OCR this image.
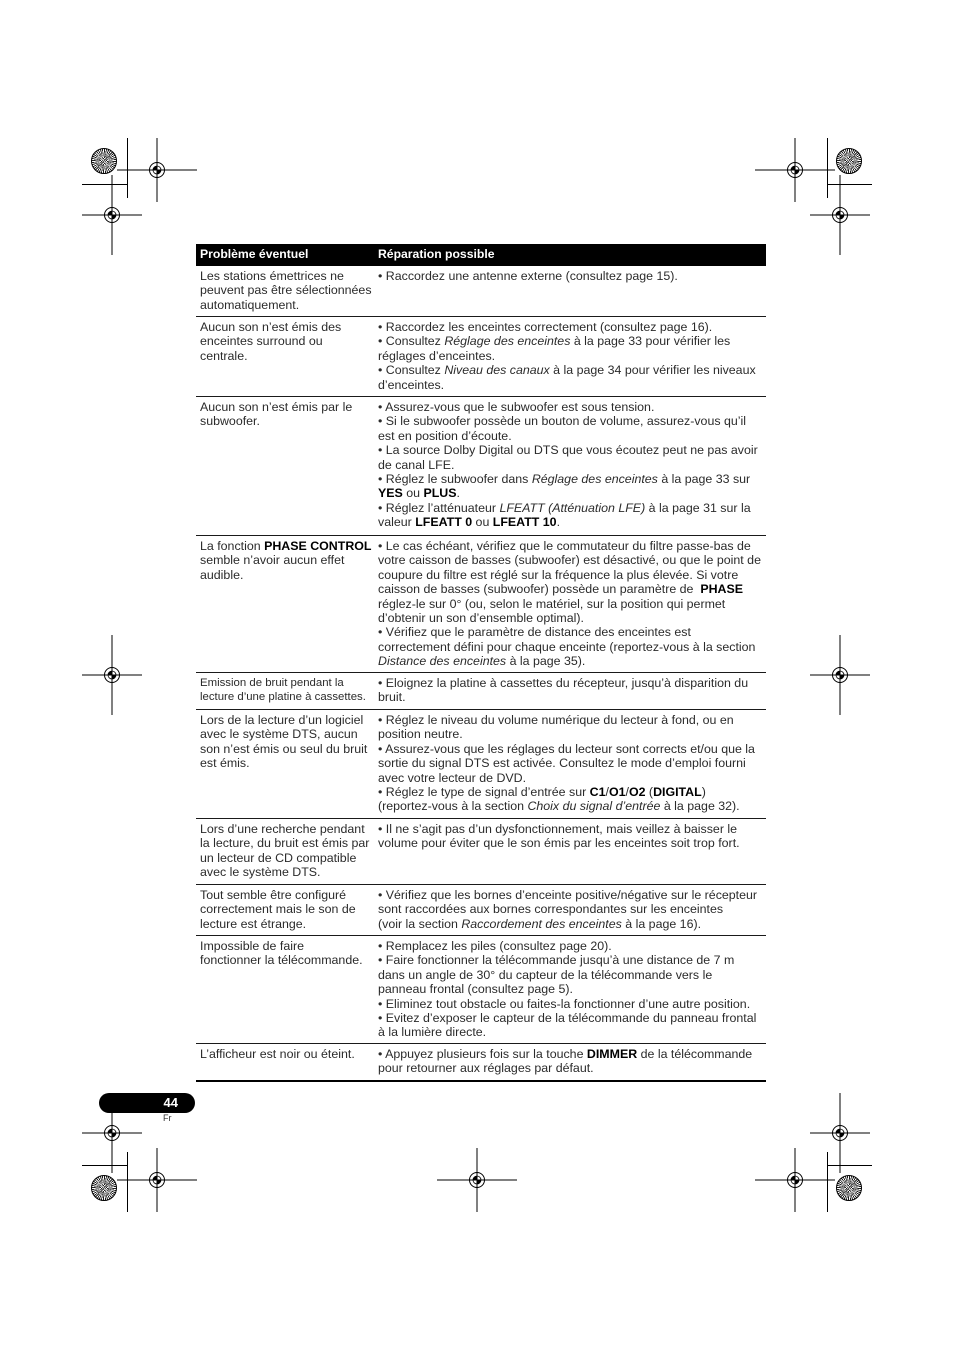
Problème éventuel	Réparation possible
Les stations émettrices ne
peuvent pas être sélectionnées
automatiquement.
• Raccordez une antenne externe (consultez page 15).
Aucun son n’est émis des
enceintes surround ou
centrale.
• Raccordez les enceintes correctement (consultez page 16).
• Consultez Réglage des enceintes à la page 33 pour vérifier les
réglages d’enceintes.
• Consultez Niveau des canaux à la page 34 pour vérifier les niveaux
d’enceintes.
Aucun son n’est émis par le
subwoofer.
• Assurez-vous que le subwoofer est sous tension.
• Si le subwoofer possède un bouton de volume, assurez-vous qu’il
est en position d’écoute.
• La source Dolby Digital ou DTS que vous écoutez peut ne pas avoir
de canal LFE.
• Réglez le subwoofer dans Réglage des enceintes à la page 33 sur
YES ou PLUS.
• Réglez l’atténuateur LFEATT (Atténuation LFE) à la page 31 sur la
valeur LFEATT 0 ou LFEATT 10.
La fonction PHASE CONTROL
semble n’avoir aucun effet
audible.
• Le cas échéant, vérifiez que le commutateur du filtre passe-bas de
votre caisson de basses (subwoofer) est désactivé, ou que le point de
coupure du filtre est réglé sur la fréquence la plus élevée. Si votre
caisson de basses (subwoofer) possède un paramètre de  PHASE
réglez-le sur 0° (ou, selon le matériel, sur la position qui permet
d’obtenir un son d’ensemble optimal).
• Vérifiez que le paramètre de distance des enceintes est
correctement défini pour chaque enceinte (reportez-vous à la section
Distance des enceintes à la page 35).
Emission de bruit pendant la
lecture d’une platine à cassettes.
• Eloignez la platine à cassettes du récepteur, jusqu’à disparition du
bruit.
Lors de la lecture d’un logiciel
avec le système DTS, aucun
son n’est émis ou seul du bruit
est émis.
• Réglez le niveau du volume numérique du lecteur à fond, ou en
position neutre.
• Assurez-vous que les réglages du lecteur sont corrects et/ou que la
sortie du signal DTS est activée. Consultez le mode d’emploi fourni
avec votre lecteur de DVD.
• Réglez le type de signal d’entrée sur C1/O1/O2 (DIGITAL)
(reportez-vous à la section Choix du signal d’entrée à la page 32).
Lors d’une recherche pendant
la lecture, du bruit est émis par
un lecteur de CD compatible
avec le système DTS.
• Il ne s’agit pas d’un dysfonctionnement, mais veillez à baisser le
volume pour éviter que le son émis par les enceintes soit trop fort.
Tout semble être configuré
correctement mais le son de
lecture est étrange.
• Vérifiez que les bornes d’enceinte positive/négative sur le récepteur
sont raccordées aux bornes correspondantes sur les enceintes
(voir la section Raccordement des enceintes à la page 16).
Impossible de faire
fonctionner la télécommande.
• Remplacez les piles (consultez page 20).
• Faire fonctionner la télécommande jusqu’à une distance de 7 m
dans un angle de 30° du capteur de la télécommande vers le
panneau frontal (consultez page 5).
• Eliminez tout obstacle ou faites-la fonctionner d’une autre position.
• Evitez d’exposer le capteur de la télécommande du panneau frontal
à la lumière directe.
L’afficheur est noir ou éteint.	• Appuyez plusieurs fois sur la touche DIMMER de la télécommande
pour retourner aux réglages par défaut.
44
Fr
